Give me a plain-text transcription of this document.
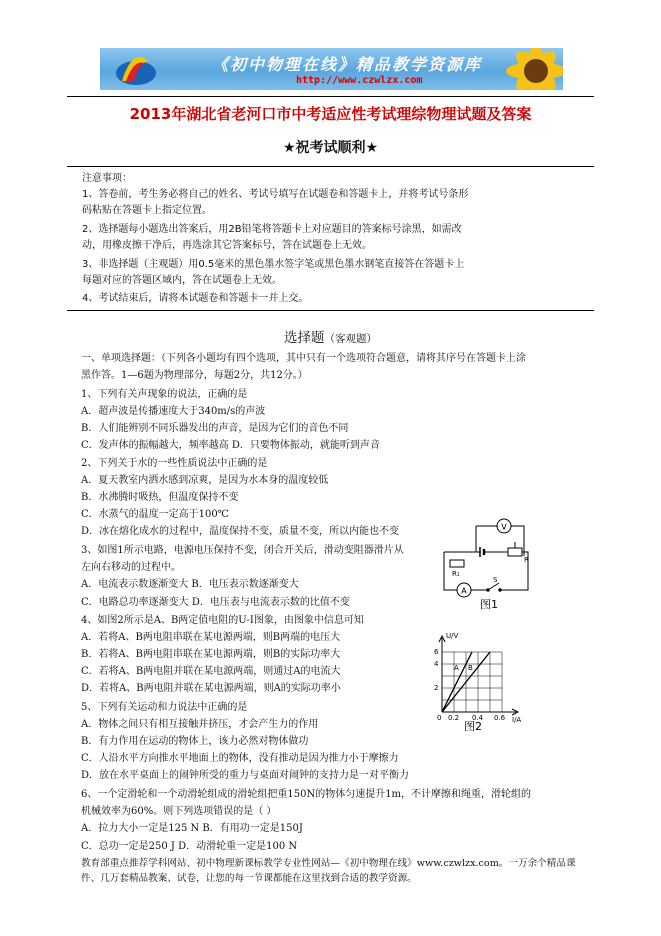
《初中物理在线》精品教学资源库
http://www.czwlzx.com
2013年湖北省老河口市中考适应性考试理综物理试题及答案
★祝考试顺利★
注意事项：
1、答卷前，考生务必将自己的姓名、考试号填写在试题卷和答题卡上，并将考试号条形
码粘贴在答题卡上指定位置。
2、选择题每小题选出答案后，用2B铅笔将答题卡上对应题目的答案标号涂黑，如需改
动，用橡皮擦干净后，再选涂其它答案标号，答在试题卷上无效。
3、非选择题（主观题）用0.5毫米的黑色墨水签字笔或黑色墨水钢笔直接答在答题卡上
每题对应的答题区域内，答在试题卷上无效。
4、考试结束后，请将本试题卷和答题卡一并上交。
选择题（客观题）
一、单项选择题：（下列各小题均有四个选项，其中只有一个选项符合题意，请将其序号在答题卡上涂
黑作答。1—6题为物理部分，每题2分，共12分。）
1、下列有关声现象的说法，正确的是
A．超声波是传播速度大于340m/s的声波
B．人们能辨别不同乐器发出的声音，是因为它们的音色不同
C．发声体的振幅越大，频率越高 D．只要物体振动，就能听到声音
2、下列关于水的一些性质说法中正确的是
A．夏天教室内洒水感到凉爽，是因为水本身的温度较低
B．水沸腾时吸热，但温度保持不变
C．水蒸气的温度一定高于100℃
D．冰在熔化成水的过程中，温度保持不变，质量不变，所以内能也不变
3、如图1所示电路，电源电压保持不变，闭合开关后，滑动变阻器滑片从
左向右移动的过程中。
A．电流表示数逐渐变大 B．电压表示数逐渐变大
C．电路总功率逐渐变大 D．电压表与电流表示数的比值不变
4、如图2所示是A、B两定值电阻的U-I图象，由图象中信息可知
A．若将A、B两电阻串联在某电源两端，则B两端的电压大
B．若将A、B两电阻串联在某电源两端，则B的实际功率大
C．若将A、B两电阻并联在某电源两端，则通过A的电流大
D．若将A、B两电阻并联在某电源两端，则A的实际功率小
5、下列有关运动和力说法中正确的是
A．物体之间只有相互接触并挤压，才会产生力的作用
B．有力作用在运动的物体上，该力必然对物体做功
C．人沿水平方向推水平地面上的物体，没有推动是因为推力小于摩擦力
D．放在水平桌面上的闹钟所受的重力与桌面对闹钟的支持力是一对平衡力
6、一个定滑轮和一个动滑轮组成的滑轮组把重150N的物体匀速提升1m，不计摩擦和绳重，滑轮组的
机械效率为60%。则下列选项错误的是（ ）
A．拉力大小一定是125 N B．有用功一定是150J
C．总功一定是250 J D．动滑轮重一定是100 N
V
A
R
R₁
S
图1
U/V
I/A
2
4
6
0 0.2 0.4 0.6
A B
图2
教育部重点推荐学科网站、初中物理新课标教学专业性网站—《初中物理在线》www.czwlzx.com。一万余个精品课
件、几万套精品教案、试卷，让您的每一节课都能在这里找到合适的教学资源。
